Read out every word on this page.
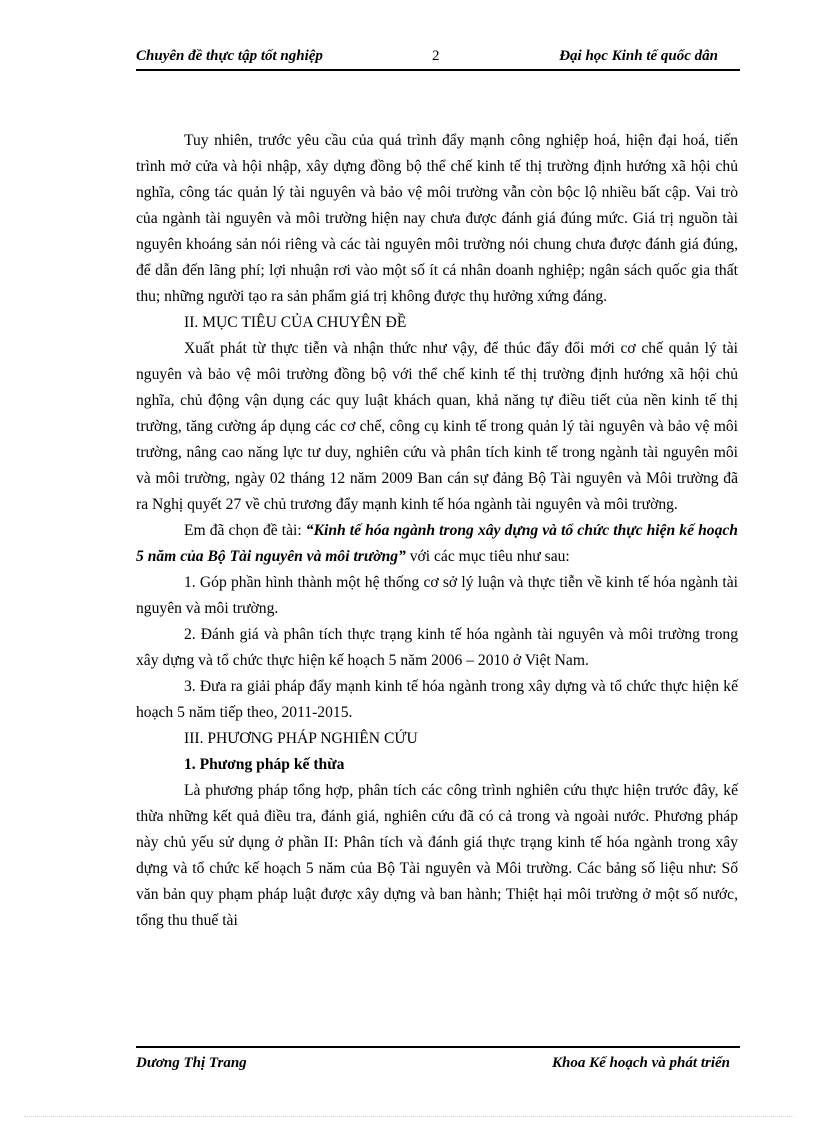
Chuyên đề thực tập tốt nghiệp	2	Đại học Kinh tế quốc dân

Tuy nhiên, trước yêu cầu của quá trình đẩy mạnh công nghiệp hoá, hiện đại hoá, tiến trình mở cửa và hội nhập, xây dựng đồng bộ thể chế kinh tế thị trường định hướng xã hội chủ nghĩa, công tác quản lý tài nguyên và bảo vệ môi trường vẫn còn bộc lộ nhiều bất cập. Vai trò của ngành tài nguyên và môi trường hiện nay chưa được đánh giá đúng mức. Giá trị nguồn tài nguyên khoáng sản nói riêng và các tài nguyên môi trường nói chung chưa được đánh giá đúng, để dẫn đến lãng phí; lợi nhuận rơi vào một số ít cá nhân doanh nghiệp; ngân sách quốc gia thất thu; những người tạo ra sản phẩm giá trị không được thụ hưởng xứng đáng.

II. MỤC TIÊU CỦA CHUYÊN ĐỀ

Xuất phát từ thực tiễn và nhận thức như vậy, để thúc đẩy đổi mới cơ chế quản lý tài nguyên và bảo vệ môi trường đồng bộ với thể chế kinh tế thị trường định hướng xã hội chủ nghĩa, chủ động vận dụng các quy luật khách quan, khả năng tự điều tiết của nền kinh tế thị trường, tăng cường áp dụng các cơ chế, công cụ kinh tế trong quản lý tài nguyên và bảo vệ môi trường, nâng cao năng lực tư duy, nghiên cứu và phân tích kinh tế trong ngành tài nguyên môi và môi trường, ngày 02 tháng 12 năm 2009 Ban cán sự đảng Bộ Tài nguyên và Môi trường đã ra Nghị quyết 27 về chủ trương đẩy mạnh kinh tế hóa ngành tài nguyên và môi trường.

Em đã chọn đề tài: “Kinh tế hóa ngành trong xây dựng và tổ chức thực hiện kế hoạch 5 năm của Bộ Tài nguyên và môi trường” với các mục tiêu như sau:

1. Góp phần hình thành một hệ thống cơ sở lý luận và thực tiễn về kinh tế hóa ngành tài nguyên và môi trường.

2. Đánh giá và phân tích thực trạng kinh tế hóa ngành tài nguyên và môi trường trong xây dựng và tổ chức thực hiện kế hoạch 5 năm 2006 – 2010 ở Việt Nam.

3. Đưa ra giải pháp đẩy mạnh kinh tế hóa ngành trong xây dựng và tổ chức thực hiện kế hoạch 5 năm tiếp theo, 2011-2015.

III. PHƯƠNG PHÁP NGHIÊN CỨU

1. Phương pháp kế thừa

Là phương pháp tổng hợp, phân tích các công trình nghiên cứu thực hiện trước đây, kế thừa những kết quả điều tra, đánh giá, nghiên cứu đã có cả trong và ngoài nước. Phương pháp này chủ yếu sử dụng ở phần II: Phân tích và đánh giá thực trạng kinh tế hóa ngành trong xây dựng và tổ chức kế hoạch 5 năm của Bộ Tài nguyên và Môi trường. Các bảng số liệu như: Số văn bản quy phạm pháp luật được xây dựng và ban hành; Thiệt hại môi trường ở một số nước, tổng thu thuế tài

Dương Thị Trang	Khoa Kế hoạch và phát triển
